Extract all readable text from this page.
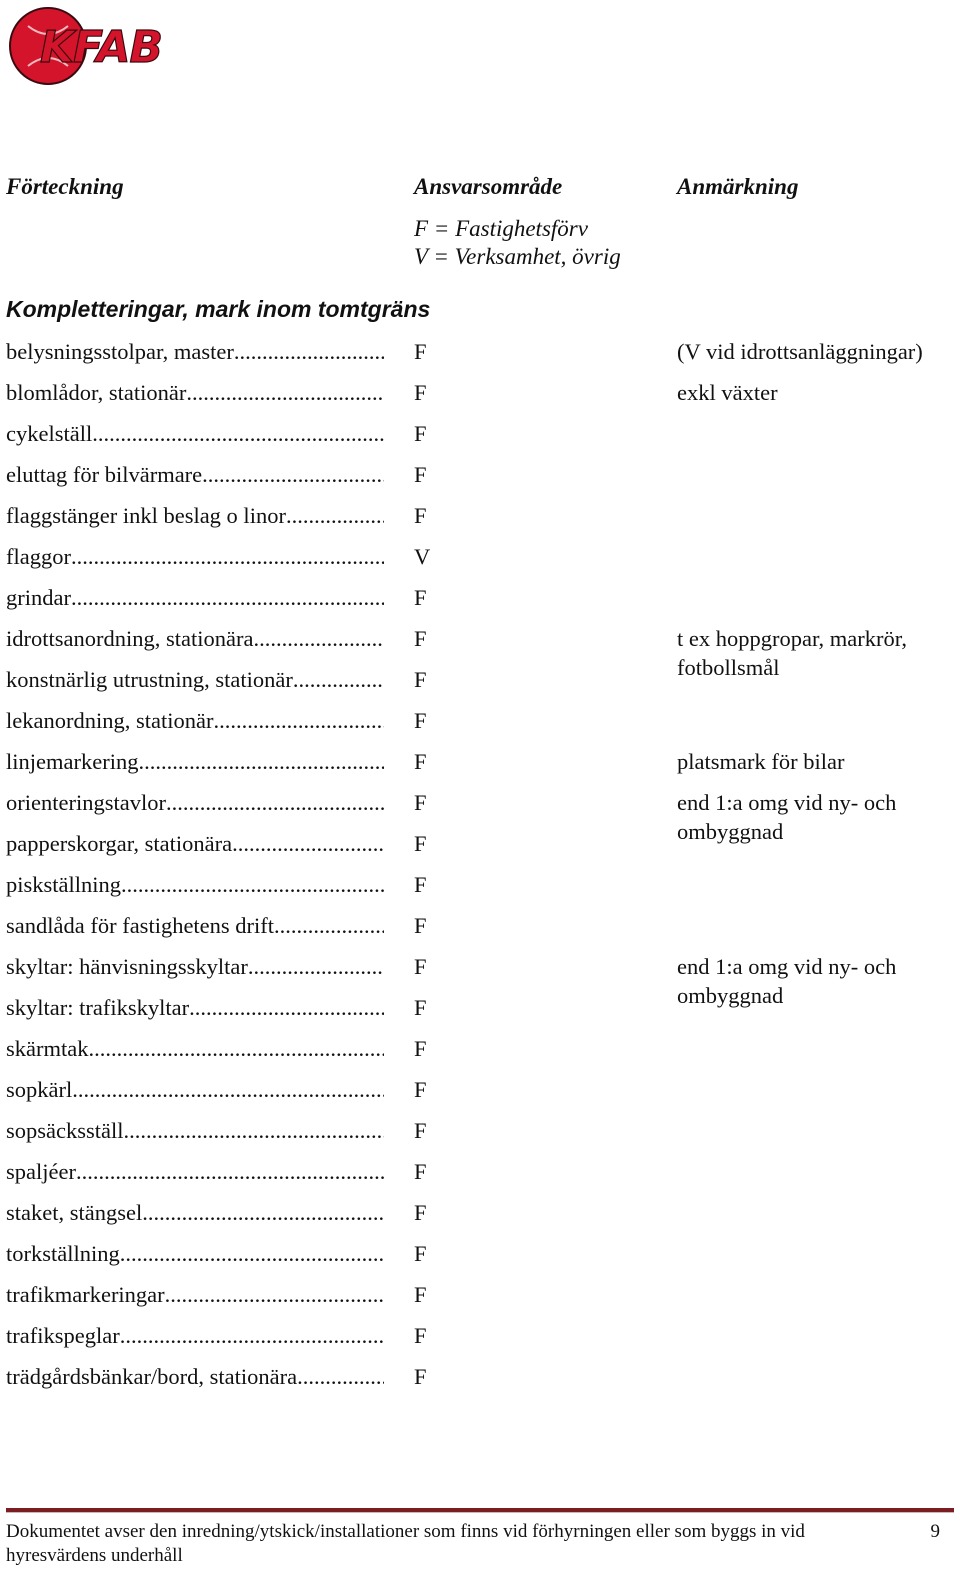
KFAB
Förteckning	Ansvarsområde	Anmärkning
F = Fastighetsförv
V = Verksamhet, övrig
Kompletteringar, mark inom tomtgräns
belysningsstolpar, master .....	F	(V vid idrottsanläggningar)
blomlådor, stationär .....	F	exkl växter
cykelställ .....	F
eluttag för bilvärmare .....	F
flaggstänger inkl beslag o linor .....	F
flaggor .....	V
grindar .....	F
idrottsanordning, stationära .....	F	t ex hoppgropar, markrör, fotbollsmål
konstnärlig utrustning, stationär .....	F
lekanordning, stationär .....	F
linjemarkering .....	F	platsmark för bilar
orienteringstavlor .....	F	end 1:a omg vid ny- och ombyggnad
papperskorgar, stationära .....	F
piskställning .....	F
sandlåda för fastighetens drift .....	F
skyltar: hänvisningsskyltar .....	F	end 1:a omg vid ny- och ombyggnad
skyltar: trafikskyltar .....	F
skärmtak .....	F
sopkärl .....	F
sopsäcksställ .....	F
spaljéer .....	F
staket, stängsel .....	F
torkställning .....	F
trafikmarkeringar .....	F
trafikspeglar .....	F
trädgårdsbänkar/bord, stationära .....	F
Dokumentet avser den inredning/ytskick/installationer som finns vid förhyrningen eller som byggs in vid hyresvärdens underhåll
9
